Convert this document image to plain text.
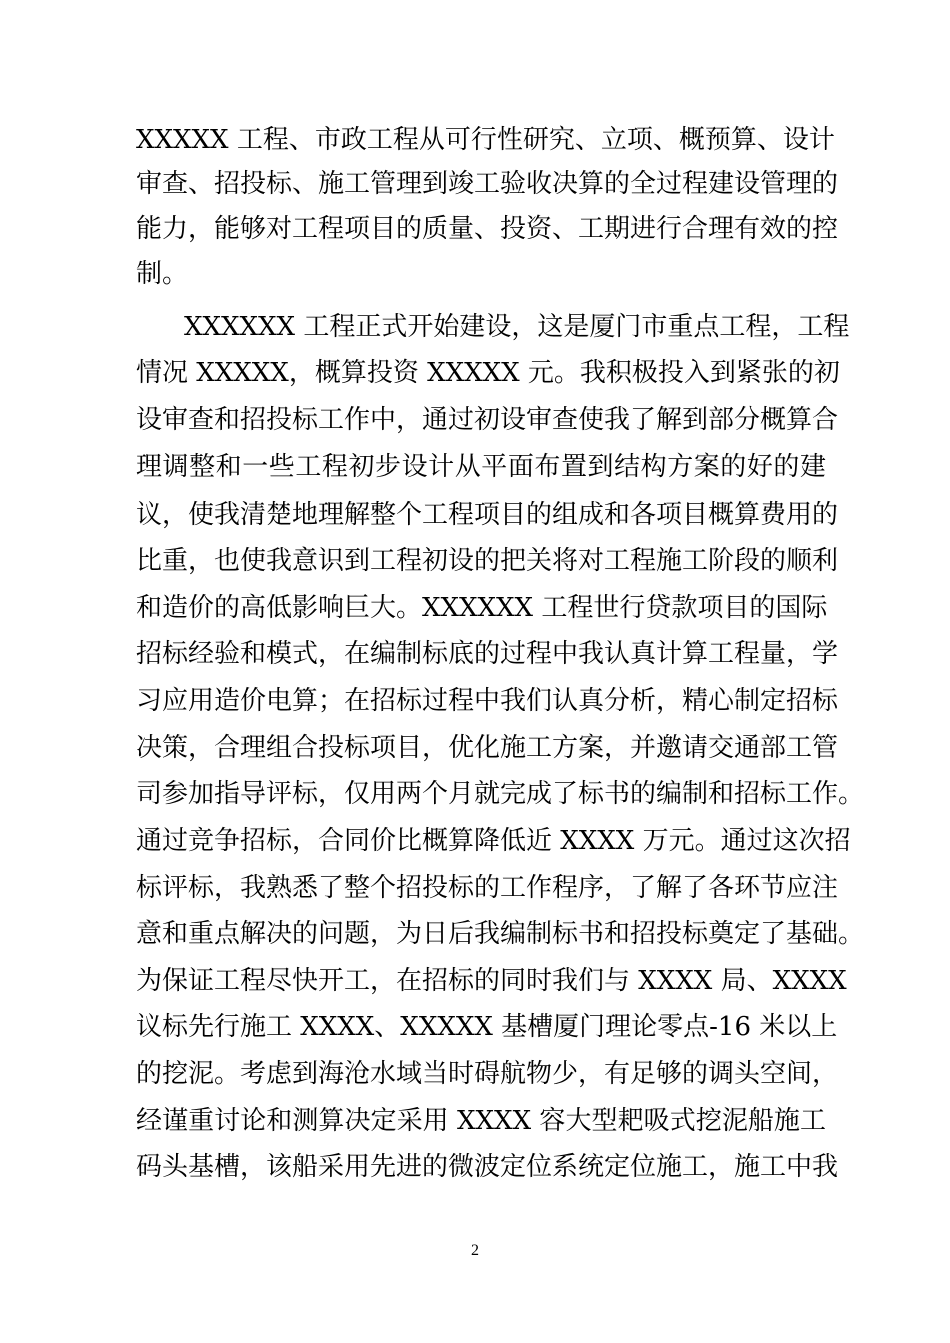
XXXXX 工程、市政工程从可行性研究、立项、概预算、设计
审查、招投标、施工管理到竣工验收决算的全过程建设管理的
能力，能够对工程项目的质量、投资、工期进行合理有效的控
制。
XXXXXX 工程正式开始建设，这是厦门市重点工程，工程
情况 XXXXX，概算投资 XXXXX 元。我积极投入到紧张的初
设审查和招投标工作中，通过初设审查使我了解到部分概算合
理调整和一些工程初步设计从平面布置到结构方案的好的建
议，使我清楚地理解整个工程项目的组成和各项目概算费用的
比重，也使我意识到工程初设的把关将对工程施工阶段的顺利
和造价的高低影响巨大。XXXXXX 工程世行贷款项目的国际
招标经验和模式，在编制标底的过程中我认真计算工程量，学
习应用造价电算；在招标过程中我们认真分析，精心制定招标
决策，合理组合投标项目，优化施工方案，并邀请交通部工管
司参加指导评标，仅用两个月就完成了标书的编制和招标工作。
通过竞争招标，合同价比概算降低近 XXXX 万元。通过这次招
标评标，我熟悉了整个招投标的工作程序，了解了各环节应注
意和重点解决的问题，为日后我编制标书和招投标奠定了基础。
为保证工程尽快开工，在招标的同时我们与 XXXX 局、XXXX
议标先行施工 XXXX、XXXXX 基槽厦门理论零点-16 米以上
的挖泥。考虑到海沧水域当时碍航物少，有足够的调头空间，
经谨重讨论和测算决定采用 XXXX 容大型耙吸式挖泥船施工
码头基槽，该船采用先进的微波定位系统定位施工，施工中我
2
